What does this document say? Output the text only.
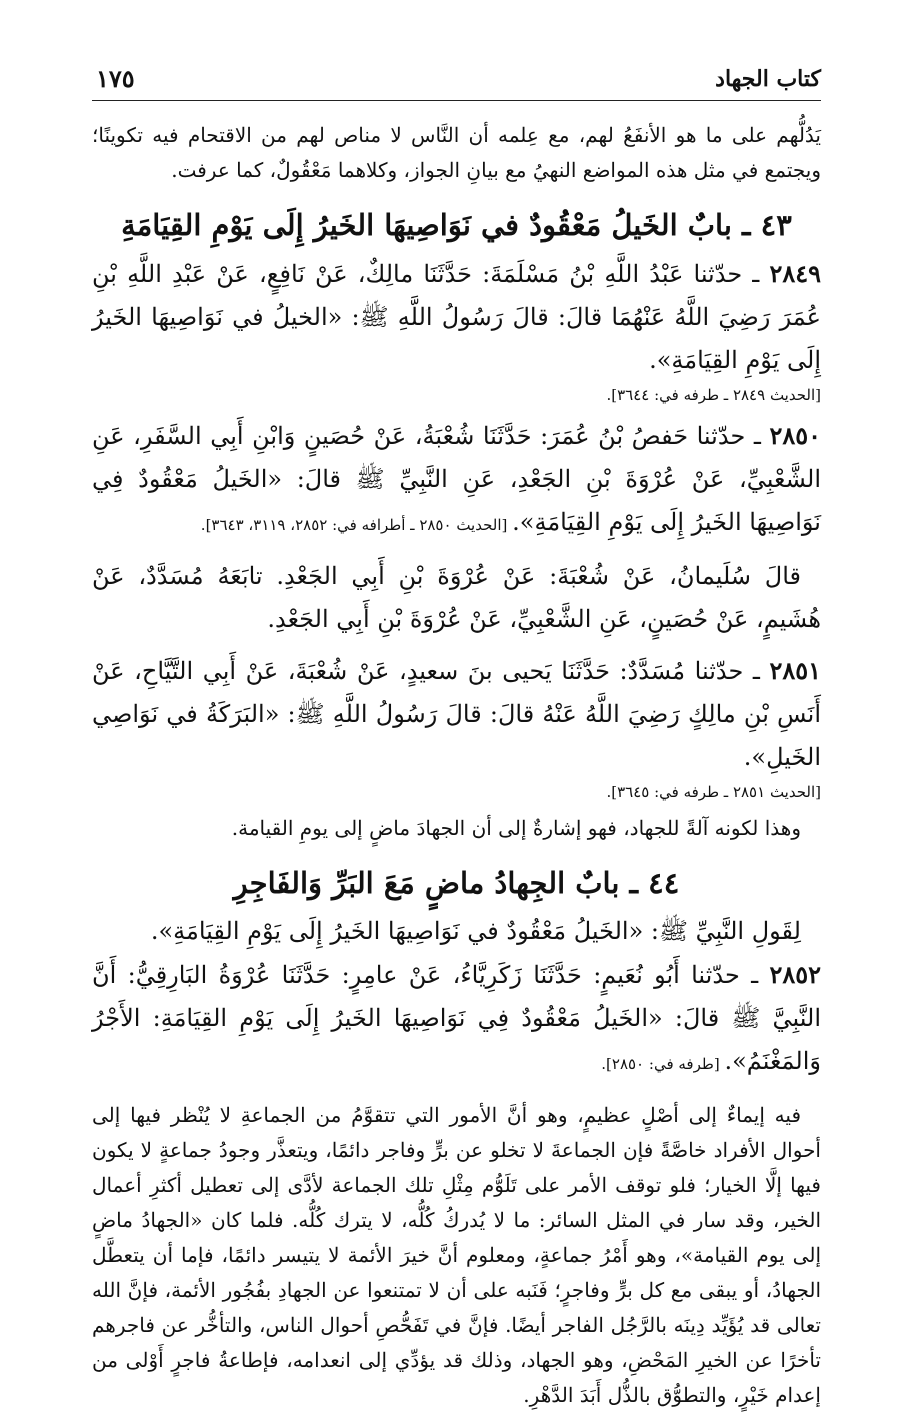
كتاب الجهاد
١٧٥

يَدُلُّهم على ما هو الأنفَعُ لهم، مع عِلمه أن النَّاس لا مناص لهم من الاقتحام فيه تكوينًا؛ ويجتمع في مثل هذه المواضع النهيُ مع بيانِ الجواز، وكلاهما مَعْقُولٌ، كما عرفت.

٤٣ ـ بابٌ الخَيلُ مَعْقُودٌ في نَوَاصِيهَا الخَيرُ إِلَى يَوْمِ القِيَامَةِ

٢٨٤٩ ـ حدّثنا عَبْدُ اللَّهِ بْنُ مَسْلَمَةَ: حَدَّثَنَا مالِكٌ، عَنْ نَافِعٍ، عَنْ عَبْدِ اللَّهِ بْنِ عُمَرَ رَضِيَ اللَّهُ عَنْهُمَا قالَ: قالَ رَسُولُ اللَّهِ ﷺ: «الخيلُ في نَوَاصِيهَا الخَيرُ إِلَى يَوْمِ القِيَامَةِ».

[الحديث ٢٨٤٩ ـ طرفه في: ٣٦٤٤].

٢٨٥٠ ـ حدّثنا حَفصُ بْنُ عُمَرَ: حَدَّثَنَا شُعْبَةُ، عَنْ حُصَينٍ وَابْنِ أَبِي السَّفَرِ، عَنِ الشَّعْبِيِّ، عَنْ عُرْوَةَ بْنِ الجَعْدِ، عَنِ النَّبِيِّ ﷺ قالَ: «الخَيلُ مَعْقُودٌ فِي نَوَاصِيهَا الخَيرُ إِلَى يَوْمِ القِيَامَةِ». [الحديث ٢٨٥٠ ـ أطرافه في: ٢٨٥٢، ٣١١٩، ٣٦٤٣].

قالَ سُلَيمانُ، عَنْ شُعْبَةَ: عَنْ عُرْوَةَ بْنِ أَبِي الجَعْدِ. تابَعَهُ مُسَدَّدٌ، عَنْ هُشَيمٍ، عَنْ حُصَينٍ، عَنِ الشَّعْبِيِّ، عَنْ عُرْوَةَ بْنِ أَبِي الجَعْدِ.

٢٨٥١ ـ حدّثنا مُسَدَّدٌ: حَدَّثَنَا يَحيى بنَ سعيدٍ، عَنْ شُعْبَةَ، عَنْ أَبِي التَّيَّاحِ، عَنْ أَنَسِ بْنِ مالِكٍ رَضِيَ اللَّهُ عَنْهُ قالَ: قالَ رَسُولُ اللَّهِ ﷺ: «البَرَكَةُ في نَوَاصِي الخَيلِ».

[الحديث ٢٨٥١ ـ طرفه في: ٣٦٤٥].

وهذا لكونه آلةً للجهاد، فهو إشارةٌ إلى أن الجهادَ ماضٍ إلى يومِ القيامة.

٤٤ ـ بابٌ الجِهادُ ماضٍ مَعَ البَرِّ وَالفَاجِرِ

لِقَولِ النَّبِيِّ ﷺ: «الخَيلُ مَعْقُودٌ في نَوَاصِيهَا الخَيرُ إِلَى يَوْمِ القِيَامَةِ».

٢٨٥٢ ـ حدّثنا أَبُو نُعَيمٍ: حَدَّثَنَا زَكَرِيَّاءُ، عَنْ عامِرٍ: حَدَّثَنَا عُرْوَةُ البَارِقِيُّ: أَنَّ النَّبِيَّ ﷺ قالَ: «الخَيلُ مَعْقُودٌ فِي نَوَاصِيهَا الخَيرُ إِلَى يَوْمِ القِيَامَةِ: الأَجْرُ وَالمَغْنَمُ». [طرفه في: ٢٨٥٠].

فيه إيماءٌ إلى أصْلٍ عظيمٍ، وهو أنَّ الأمور التي تتقوَّمُ من الجماعةِ لا يُنْظر فيها إلى أحوال الأفراد خاصَّةً فإن الجماعةَ لا تخلو عن برٍّ وفاجر دائمًا، ويتعذَّر وجودُ جماعةٍ لا يكون فيها إلَّا الخيار؛ فلو توقف الأمر على تَلَوُّم مِثْلِ تلك الجماعة لأدَّى إلى تعطيل أكثرِ أعمال الخير، وقد سار في المثل السائر: ما لا يُدركُ كُلُّه، لا يترك كُلُّه. فلما كان «الجهادُ ماضٍ إلى يوم القيامة»، وهو أَمْرُ جماعةٍ، ومعلوم أنَّ خيرَ الأئمة لا يتيسر دائمًا، فإما أن يتعطَّل الجهادُ، أو يبقى مع كل برٍّ وفاجرٍ؛ فَنَبه على أن لا تمتنعوا عن الجهادِ بفُجُور الأئمة، فإنَّ الله تعالى قد يُؤَيِّد دِينَه بالرَّجُل الفاجر أيضًا. فإنَّ في تَفَحُّصِ أحوال الناس، والتأخُّر عن فاجرهم تأخرًا عن الخيرِ المَحْضِ، وهو الجهاد، وذلك قد يؤدِّي إلى انعدامه، فإطاعةُ فاجرٍ أَوْلى من إعدام خَيْرٍ، والتطوُّق بالذُّل أَبَدَ الدَّهْرِ.
